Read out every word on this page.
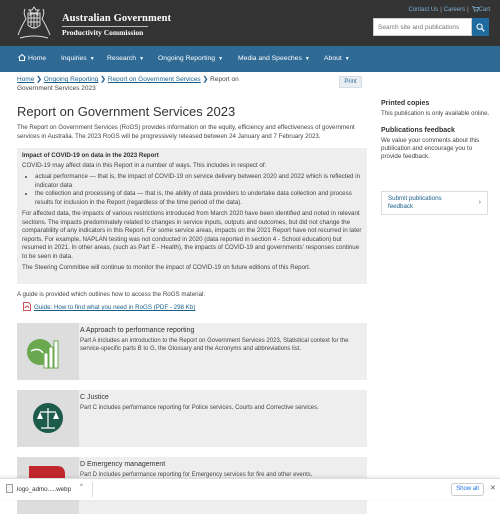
Australian Government
Productivity Commission
Contact Us | Careers | Cart
Search site and publications
Home Inquiries ▼ Research ▼ Ongoing Reporting ▼ Media and Speeches ▼ About ▼
Home ❯ Ongoing Reporting ❯ Report on Government Services ❯ Report on Government Services 2023
Print
Report on Government Services 2023
The Report on Government Services (RoGS) provides information on the equity, efficiency and effectiveness of government services in Australia. The 2023 RoGS will be progressively released between 24 January and 7 February 2023.

Impact of COVID-19 on data in the 2023 Report

COVID-19 may affect data in this Report in a number of ways. This includes in respect of:

• actual performance — that is, the impact of COVID-19 on service delivery between 2020 and 2022 which is reflected in indicator data
• the collection and processing of data — that is, the ability of data providers to undertake data collection and process results for inclusion in the Report (regardless of the time period of the data).

For affected data, the impacts of various restrictions introduced from March 2020 have been identified and noted in relevant sections. The impacts predominately related to changes in service inputs, outputs and outcomes, but did not change the comparability of any indicators in this Report. For some service areas, impacts on the 2021 Report have not recurred in later reports. For example, NAPLAN testing was not conducted in 2020 (data reported in section 4 - School education) but resumed in 2021. In other areas, (such as Part E - Health), the impacts of COVID-19 and governments' responses continue to be seen in data.

The Steering Committee will continue to monitor the impact of COVID-19 on future editions of this Report.

A guide is provided which outlines how to access the RoGS material:
Guide: How to find what you need in RoGS (PDF - 298 Kb)
A Approach to performance reporting
Part A includes an introduction to the Report on Government Services 2023, Statistical context for the service-specific parts B to G, the Glossary and the Acronyms and abbreviations list.
C Justice
Part C includes performance reporting for Police services, Courts and Corrective services.
D Emergency management
Part D includes performance reporting for Emergency services for fire and other events.
Printed copies
This publication is only available online.
Publications feedback
We value your comments about this publication and encourage you to provide feedback.
Submit publications feedback
›
logo_admo.....webp ^	Show all	✕
